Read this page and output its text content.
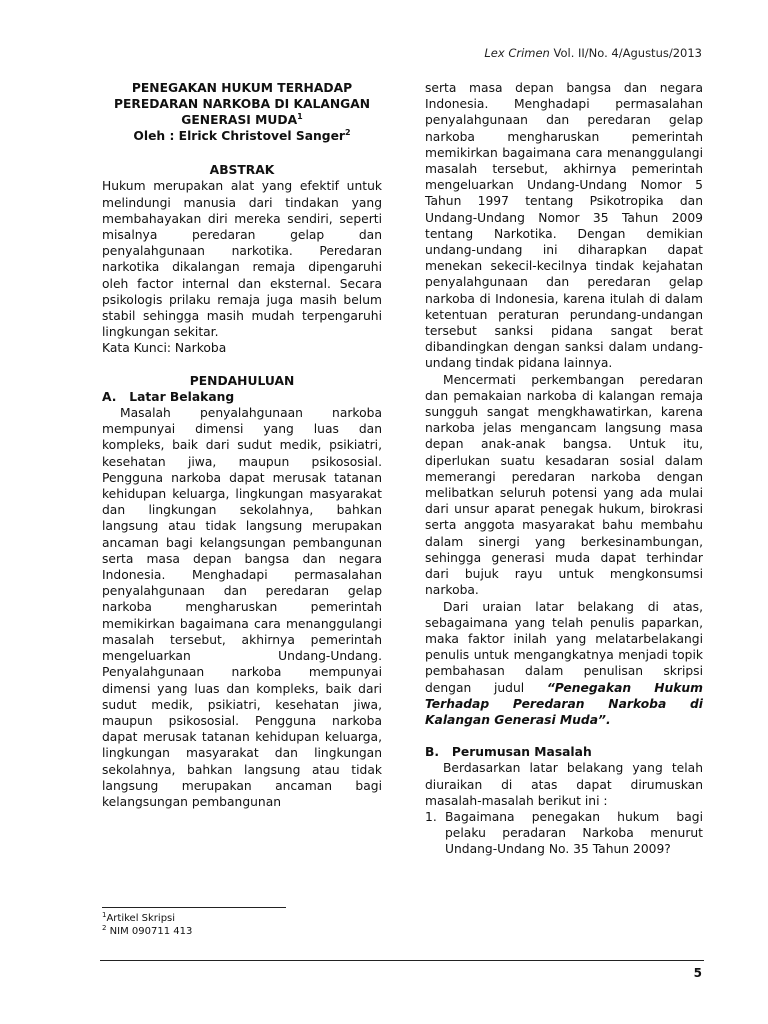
Lex Crimen Vol. II/No. 4/Agustus/2013
PENEGAKAN HUKUM TERHADAP
PEREDARAN NARKOBA DI KALANGAN
GENERASI MUDA$^1$
Oleh : Elrick Christovel Sanger$^2$
ABSTRAK

Hukum merupakan alat yang efektif untuk melindungi manusia dari tindakan yang membahayakan diri mereka sendiri, seperti misalnya peredaran gelap dan penyalahgunaan narkotika. Peredaran narkotika dikalangan remaja dipengaruhi oleh factor internal dan eksternal. Secara psikologis prilaku remaja juga masih belum stabil sehingga masih mudah terpengaruhi lingkungan sekitar.

Kata Kunci: Narkoba

PENDAHULUAN
A.   Latar Belakang

Masalah penyalahgunaan narkoba mempunyai dimensi yang luas dan kompleks, baik dari sudut medik, psikiatri, kesehatan jiwa, maupun psikososial. Pengguna narkoba dapat merusak tatanan kehidupan keluarga, lingkungan masyarakat dan lingkungan sekolahnya, bahkan langsung atau tidak langsung merupakan ancaman bagi kelangsungan pembangunan serta masa depan bangsa dan negara Indonesia. Menghadapi permasalahan penyalahgunaan dan peredaran gelap narkoba mengharuskan pemerintah memikirkan bagaimana cara menanggulangi masalah tersebut, akhirnya pemerintah mengeluarkan Undang-Undang. Penyalahgunaan narkoba mempunyai dimensi yang luas dan kompleks, baik dari sudut medik, psikiatri, kesehatan jiwa, maupun psikososial. Pengguna narkoba dapat merusak tatanan kehidupan keluarga, lingkungan masyarakat dan lingkungan sekolahnya, bahkan langsung atau tidak langsung merupakan ancaman bagi kelangsungan pembangunan

serta masa depan bangsa dan negara Indonesia. Menghadapi permasalahan penyalahgunaan dan peredaran gelap narkoba mengharuskan pemerintah memikirkan bagaimana cara menanggulangi masalah tersebut, akhirnya pemerintah mengeluarkan Undang-Undang Nomor 5 Tahun 1997 tentang Psikotropika dan Undang-Undang Nomor 35 Tahun 2009 tentang Narkotika. Dengan demikian undang-undang ini diharapkan dapat menekan sekecil-kecilnya tindak kejahatan penyalahgunaan dan peredaran gelap narkoba di Indonesia, karena itulah di dalam ketentuan peraturan perundang-undangan tersebut sanksi pidana sangat berat dibandingkan dengan sanksi dalam undang- undang tindak pidana lainnya.

Mencermati perkembangan peredaran dan pemakaian narkoba di kalangan remaja sungguh sangat mengkhawatirkan, karena narkoba jelas mengancam langsung masa depan anak-anak bangsa. Untuk itu, diperlukan suatu kesadaran sosial dalam memerangi peredaran narkoba dengan melibatkan seluruh potensi yang ada mulai dari unsur aparat penegak hukum, birokrasi serta anggota masyarakat bahu membahu dalam sinergi yang berkesinambungan, sehingga generasi muda dapat terhindar dari bujuk rayu untuk mengkonsumsi narkoba.

Dari uraian latar belakang di atas, sebagaimana yang telah penulis paparkan, maka faktor inilah yang melatarbelakangi penulis untuk mengangkatnya menjadi topik pembahasan dalam penulisan skripsi dengan judul “Penegakan Hukum Terhadap Peredaran Narkoba di Kalangan Generasi Muda”.

B.   Perumusan Masalah

Berdasarkan latar belakang yang telah diuraikan di atas dapat dirumuskan masalah-masalah berikut ini :

1. Bagaimana penegakan hukum bagi pelaku peradaran Narkoba menurut Undang-Undang No. 35 Tahun 2009?
$^1$Artikel Skripsi
$^2$ NIM 090711 413
5
